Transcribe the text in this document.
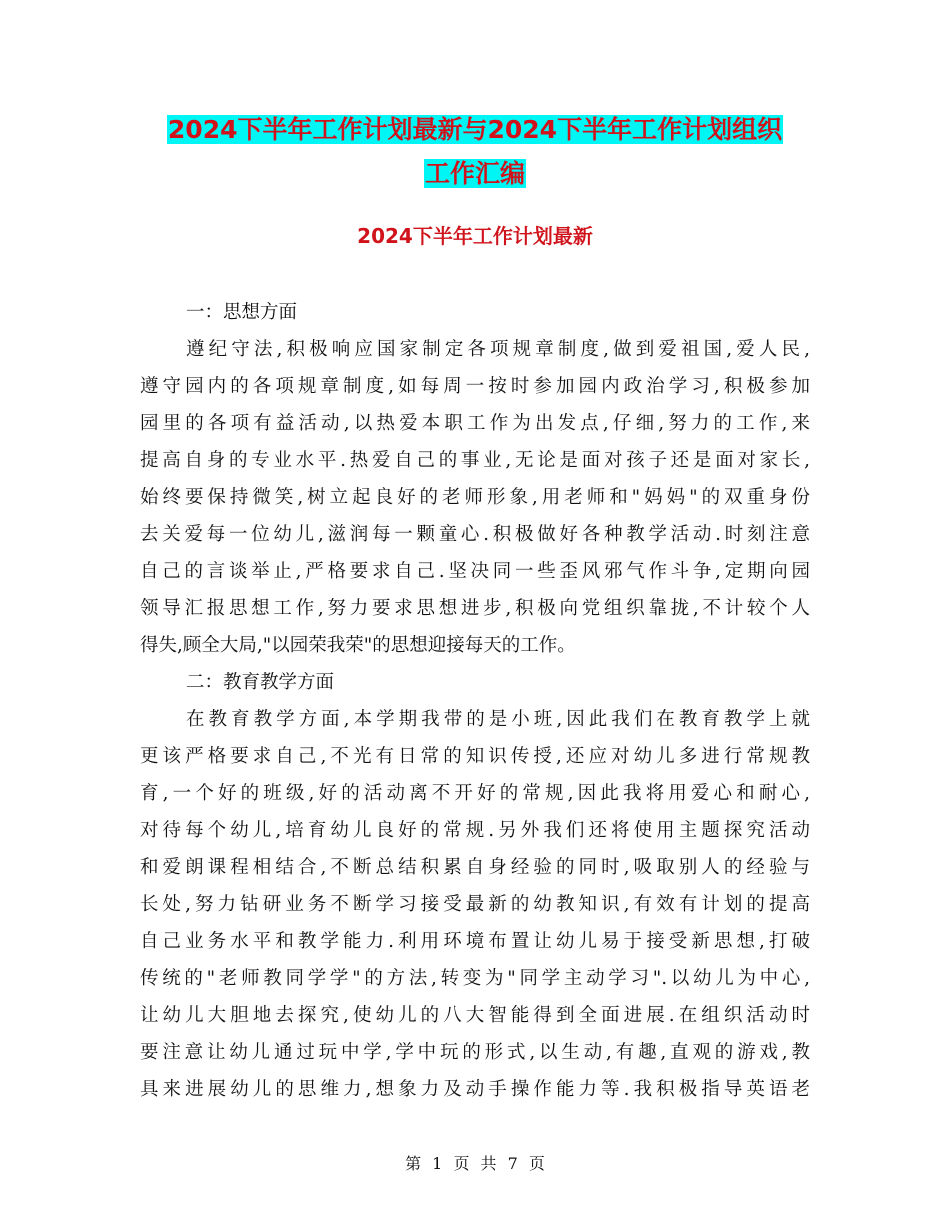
2024下半年工作计划最新与2024下半年工作计划组织
工作汇编
2024下半年工作计划最新
一：思想方面
遵纪守法,积极响应国家制定各项规章制度,做到爱祖国,爱人民,
遵守园内的各项规章制度,如每周一按时参加园内政治学习,积极参加
园里的各项有益活动,以热爱本职工作为出发点,仔细,努力的工作,来
提高自身的专业水平.热爱自己的事业,无论是面对孩子还是面对家长,
始终要保持微笑,树立起良好的老师形象,用老师和"妈妈"的双重身份
去关爱每一位幼儿,滋润每一颗童心.积极做好各种教学活动.时刻注意
自己的言谈举止,严格要求自己.坚决同一些歪风邪气作斗争,定期向园
领导汇报思想工作,努力要求思想进步,积极向党组织靠拢,不计较个人
得失,顾全大局,"以园荣我荣"的思想迎接每天的工作。
二：教育教学方面
在教育教学方面,本学期我带的是小班,因此我们在教育教学上就
更该严格要求自己,不光有日常的知识传授,还应对幼儿多进行常规教
育,一个好的班级,好的活动离不开好的常规,因此我将用爱心和耐心,
对待每个幼儿,培育幼儿良好的常规.另外我们还将使用主题探究活动
和爱朗课程相结合,不断总结积累自身经验的同时,吸取别人的经验与
长处,努力钻研业务不断学习接受最新的幼教知识,有效有计划的提高
自己业务水平和教学能力.利用环境布置让幼儿易于接受新思想,打破
传统的"老师教同学学"的方法,转变为"同学主动学习".以幼儿为中心,
让幼儿大胆地去探究,使幼儿的八大智能得到全面进展.在组织活动时
要注意让幼儿通过玩中学,学中玩的形式,以生动,有趣,直观的游戏,教
具来进展幼儿的思维力,想象力及动手操作能力等.我积极指导英语老
第 1 页 共 7 页
